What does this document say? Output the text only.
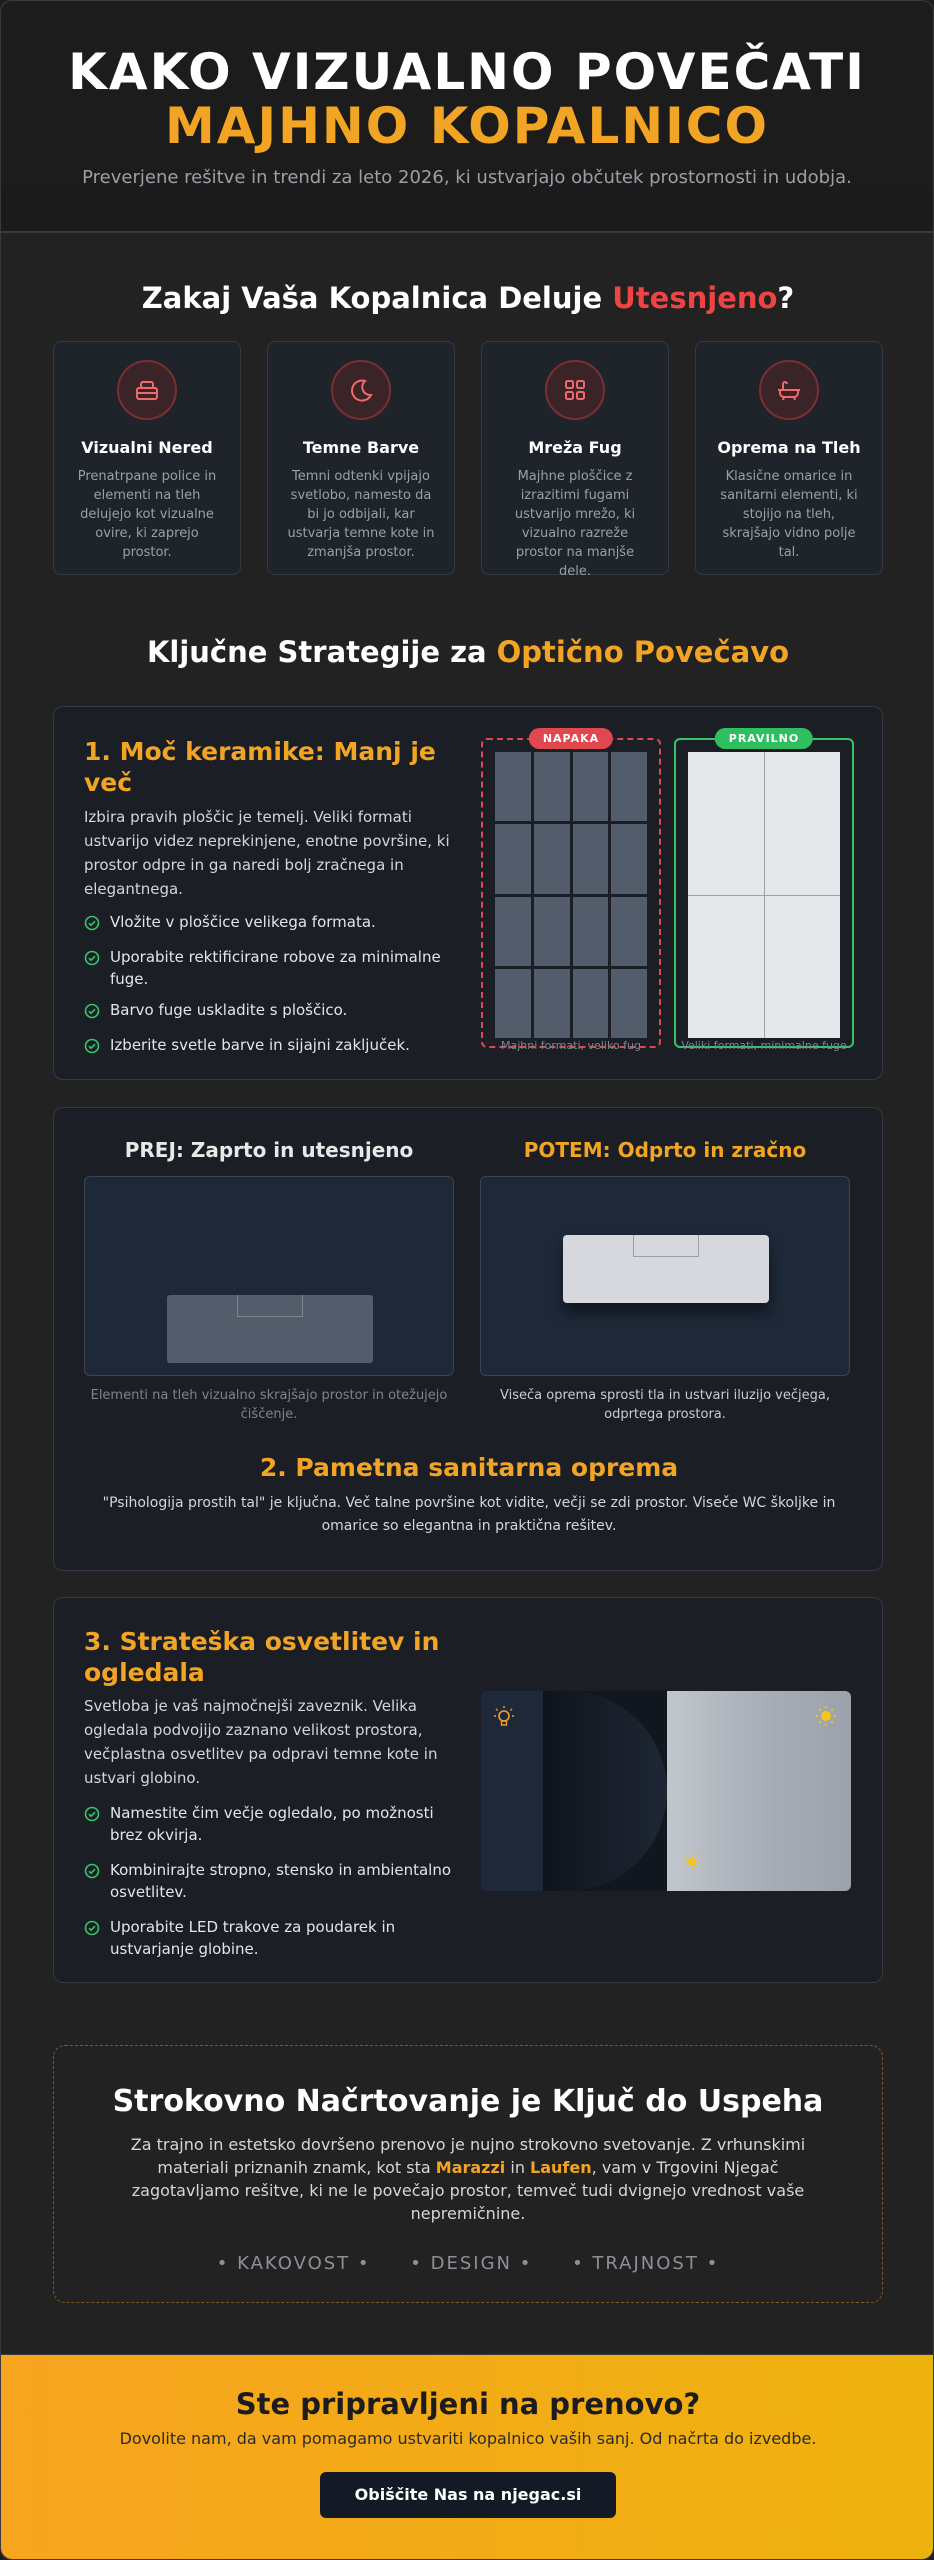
KAKO VIZUALNO POVEČATI
MAJHNO KOPALNICO
Preverjene rešitve in trendi za leto 2026, ki ustvarjajo občutek prostornosti in udobja.
Zakaj Vaša Kopalnica Deluje Utesnjeno?
Vizualni Nered
Prenatrpane police in elementi na tleh delujejo kot vizualne ovire, ki zaprejo prostor.
Temne Barve
Temni odtenki vpijajo svetlobo, namesto da bi jo odbijali, kar ustvarja temne kote in zmanjša prostor.
Mreža Fug
Majhne ploščice z izrazitimi fugami ustvarijo mrežo, ki vizualno razreže prostor na manjše dele.
Oprema na Tleh
Klasične omarice in sanitarni elementi, ki stojijo na tleh, skrajšajo vidno polje tal.
Ključne Strategije za Optično Povečavo
1. Moč keramike: Manj je več
Izbira pravih ploščic je temelj. Veliki formati ustvarijo videz neprekinjene, enotne površine, ki prostor odpre in ga naredi bolj zračnega in elegantnega.
Vložite v ploščice velikega formata.
Uporabite rektificirane robove za minimalne fuge.
Barvo fuge uskladite s ploščico.
Izberite svetle barve in sijajni zaključek.
NAPAKA
Majhni formati, veliko fug
PRAVILNO
Veliki formati, minimalne fuge
PREJ: Zaprto in utesnjeno	POTEM: Odprto in zračno
Elementi na tleh vizualno skrajšajo prostor in otežujejo čiščenje.
Viseča oprema sprosti tla in ustvari iluzijo večjega, odprtega prostora.
2. Pametna sanitarna oprema
"Psihologija prostih tal" je ključna. Več talne površine kot vidite, večji se zdi prostor. Viseče WC školjke in omarice so elegantna in praktična rešitev.
3. Strateška osvetlitev in ogledala
Svetloba je vaš najmočnejši zaveznik. Velika ogledala podvojijo zaznano velikost prostora, večplastna osvetlitev pa odpravi temne kote in ustvari globino.
Namestite čim večje ogledalo, po možnosti brez okvirja.
Kombinirajte stropno, stensko in ambientalno osvetlitev.
Uporabite LED trakove za poudarek in ustvarjanje globine.
Strokovno Načrtovanje je Ključ do Uspeha
Za trajno in estetsko dovršeno prenovo je nujno strokovno svetovanje. Z vrhunskimi materiali priznanih znamk, kot sta Marazzi in Laufen, vam v Trgovini Njegač zagotavljamo rešitve, ki ne le povečajo prostor, temveč tudi dvignejo vrednost vaše nepremičnine.
• KAKOVOST • • DESIGN • • TRAJNOST •
Ste pripravljeni na prenovo?
Dovolite nam, da vam pomagamo ustvariti kopalnico vaših sanj. Od načrta do izvedbe.
Obiščite Nas na njegac.si
